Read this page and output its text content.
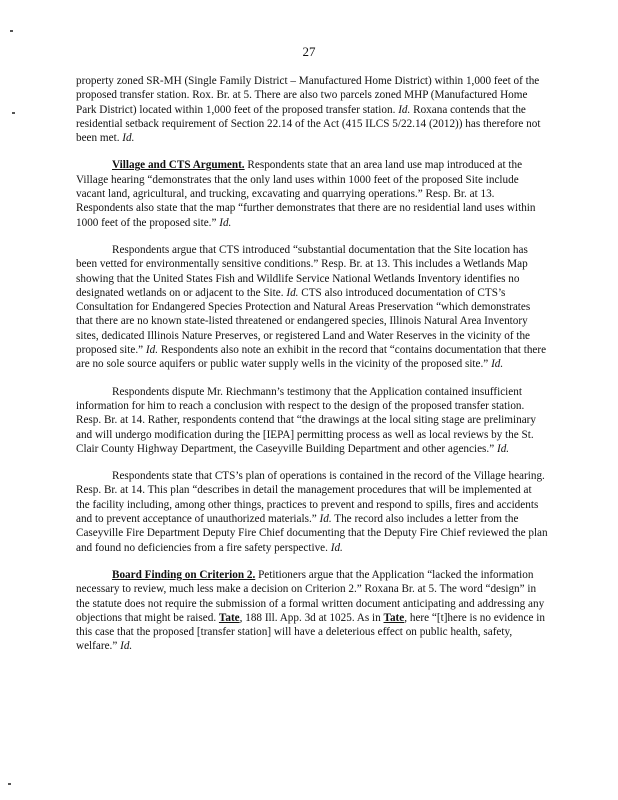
27

property zoned SR-MH (Single Family District – Manufactured Home District) within 1,000 feet of the proposed transfer station. Rox. Br. at 5. There are also two parcels zoned MHP (Manufactured Home Park District) located within 1,000 feet of the proposed transfer station. Id. Roxana contends that the residential setback requirement of Section 22.14 of the Act (415 ILCS 5/22.14 (2012)) has therefore not been met. Id.

Village and CTS Argument. Respondents state that an area land use map introduced at the Village hearing “demonstrates that the only land uses within 1000 feet of the proposed Site include vacant land, agricultural, and trucking, excavating and quarrying operations.” Resp. Br. at 13. Respondents also state that the map “further demonstrates that there are no residential land uses within 1000 feet of the proposed site.” Id.

Respondents argue that CTS introduced “substantial documentation that the Site location has been vetted for environmentally sensitive conditions.” Resp. Br. at 13. This includes a Wetlands Map showing that the United States Fish and Wildlife Service National Wetlands Inventory identifies no designated wetlands on or adjacent to the Site. Id. CTS also introduced documentation of CTS’s Consultation for Endangered Species Protection and Natural Areas Preservation “which demonstrates that there are no known state-listed threatened or endangered species, Illinois Natural Area Inventory sites, dedicated Illinois Nature Preserves, or registered Land and Water Reserves in the vicinity of the proposed site.” Id. Respondents also note an exhibit in the record that “contains documentation that there are no sole source aquifers or public water supply wells in the vicinity of the proposed site.” Id.

Respondents dispute Mr. Riechmann’s testimony that the Application contained insufficient information for him to reach a conclusion with respect to the design of the proposed transfer station. Resp. Br. at 14. Rather, respondents contend that “the drawings at the local siting stage are preliminary and will undergo modification during the [IEPA] permitting process as well as local reviews by the St. Clair County Highway Department, the Caseyville Building Department and other agencies.” Id.

Respondents state that CTS’s plan of operations is contained in the record of the Village hearing. Resp. Br. at 14. This plan “describes in detail the management procedures that will be implemented at the facility including, among other things, practices to prevent and respond to spills, fires and accidents and to prevent acceptance of unauthorized materials.” Id. The record also includes a letter from the Caseyville Fire Department Deputy Fire Chief documenting that the Deputy Fire Chief reviewed the plan and found no deficiencies from a fire safety perspective. Id.

Board Finding on Criterion 2. Petitioners argue that the Application “lacked the information necessary to review, much less make a decision on Criterion 2.” Roxana Br. at 5. The word “design” in the statute does not require the submission of a formal written document anticipating and addressing any objections that might be raised. Tate, 188 Ill. App. 3d at 1025. As in Tate, here “[t]here is no evidence in this case that the proposed [transfer station] will have a deleterious effect on public health, safety, welfare.” Id.
